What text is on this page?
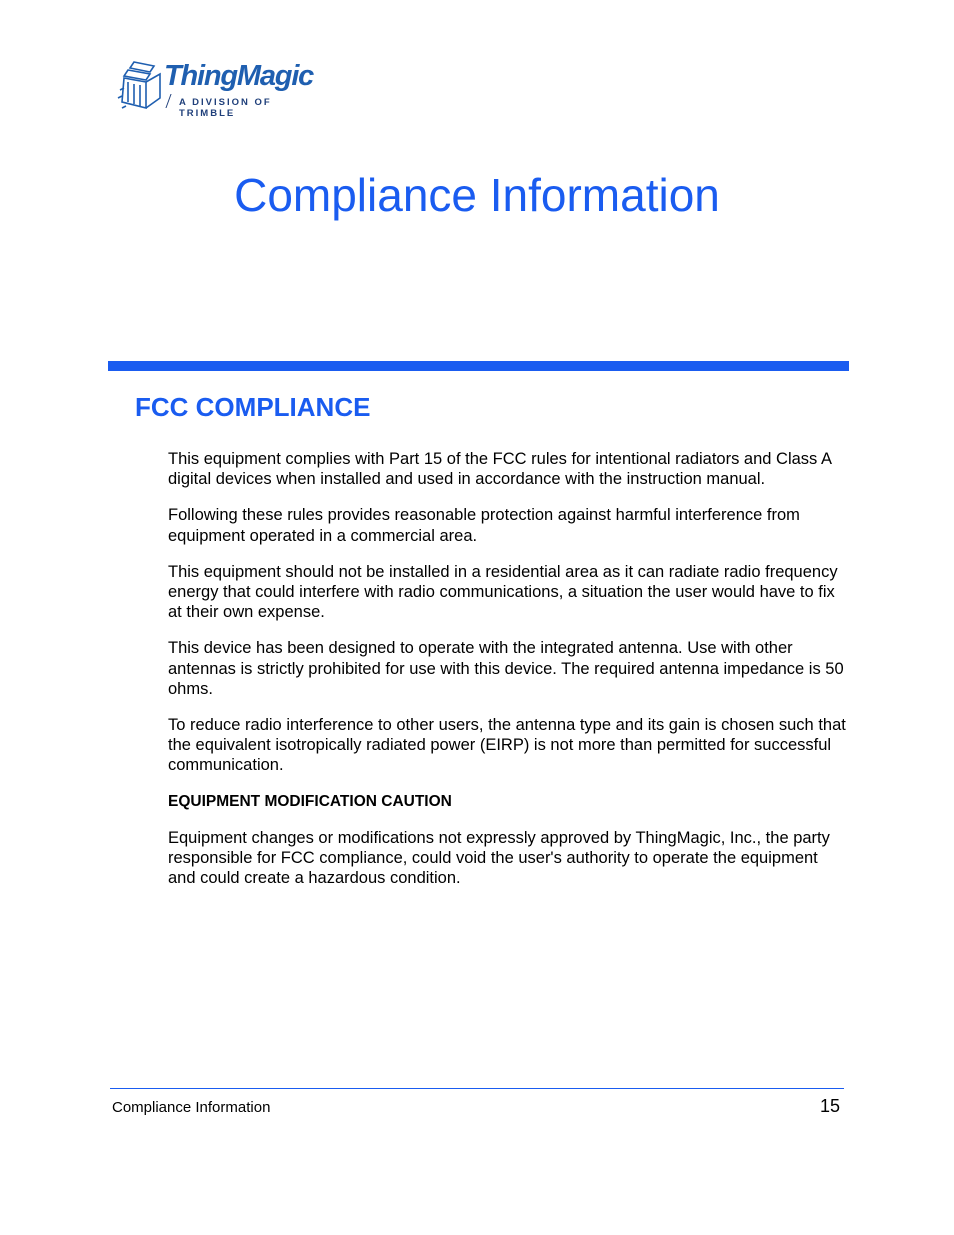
ThingMagic
A DIVISION OF TRIMBLE
Compliance Information
FCC COMPLIANCE

This equipment complies with Part 15 of the FCC rules for intentional radiators and Class A digital devices when installed and used in accordance with the instruction manual.

Following these rules provides reasonable protection against harmful interference from equipment operated in a commercial area.

This equipment should not be installed in a residential area as it can radiate radio frequency energy that could interfere with radio communications, a situation the user would have to fix at their own expense.

This device has been designed to operate with the integrated antenna. Use with other antennas is strictly prohibited for use with this device. The required antenna impedance is 50 ohms.

To reduce radio interference to other users, the antenna type and its gain is chosen such that the equivalent isotropically radiated power (EIRP) is not more than permitted for successful communication.

EQUIPMENT MODIFICATION CAUTION

Equipment changes or modifications not expressly approved by ThingMagic, Inc., the party responsible for FCC compliance, could void the user's authority to operate the equipment and could create a hazardous condition.

Compliance Information	15
